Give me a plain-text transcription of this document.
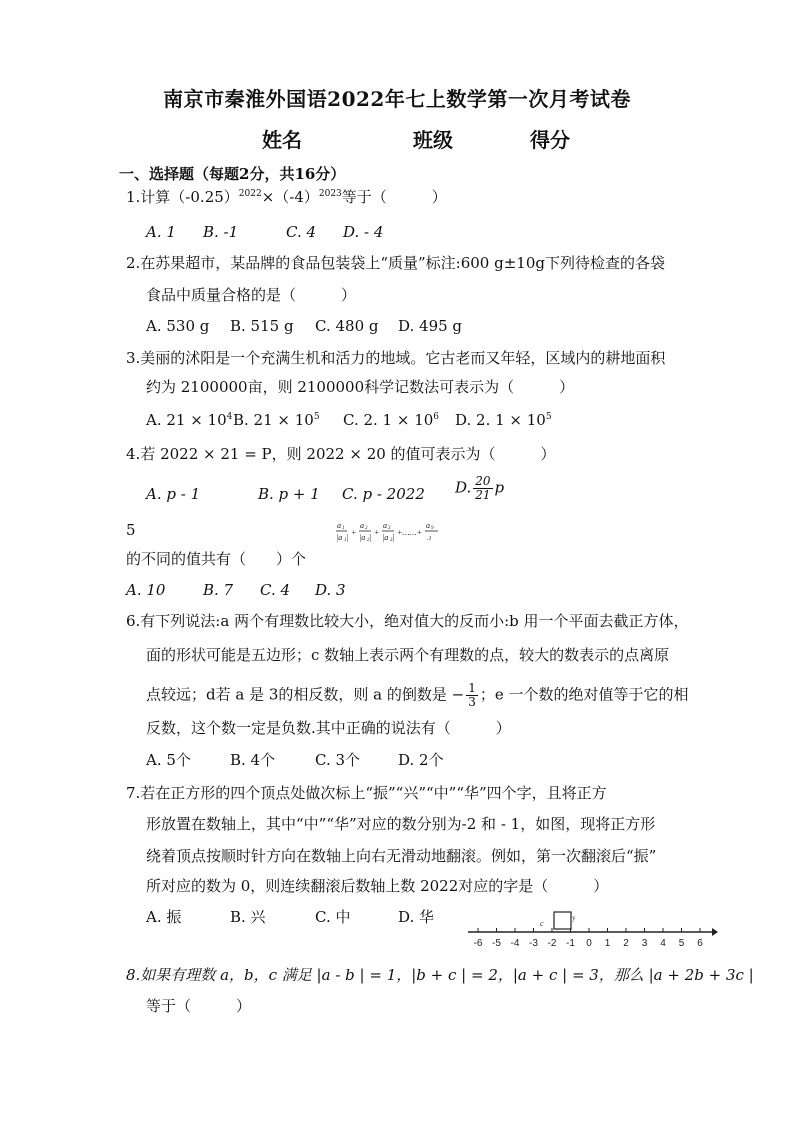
南京市秦淮外国语2022年七上数学第一次月考试卷
姓名	班级	得分
一、选择题（每题2分，共16分）
1.计算$(-0.25)^{2022}\times(-4)^{2023}$等于（　　　）
A. 1 B. -1	C. 4 D. - 4
2.在苏果超市，某品牌的食品包装袋上“质量”标注:600 g±10g下列待检查的各袋
食品中质量合格的是（　　　）
A. 530 g B. 515 g C. 480 g D. 495 g
3.美丽的沭阳是一个充满生机和活力的地域。它古老而又年轻，区域内的耕地面积
约为 2100000亩，则 2100000科学记数法可表示为（　　　）
A. $21 \times 10^4$ B. $21 \times 10^5$ C. 2. $1 \times 10^6$ D. 2. $1 \times 10^5$
4.若 2022 × 21 = P，则 2022 × 20 的值可表示为（　　　）
A. p - 1	B. p + 1 C. p - 2022 D. $\frac{20}{21}$ p
5	a 1
|a 1 |
+
a 2
|a 2 |
+
a 3
|a 3 |
+……+
a 9
.1
的不同的值共有（　　）个
A. 10	B. 7 C. 4 D. 3
6.有下列说法:a 两个有理数比较大小，绝对值大的反而小:b 用一个平面去截正方体，
面的形状可能是五边形；c 数轴上表示两个有理数的点，较大的数表示的点离原
点较远；d若 a 是 3的相反数，则 a 的倒数是 − $\frac{1}{3}$ ；e 一个数的绝对值等于它的相
反数，这个数一定是负数.其中正确的说法有（　　　）
A. 5个	B. 4个	C. 3个	D. 2个
7.若在正方形的四个顶点处做次标上“振”“兴”“中”“华”四个字，且将正方
形放置在数轴上，其中“中”“华”对应的数分别为-2 和 - 1，如图，现将正方形
绕着顶点按顺时针方向在数轴上向右无滑动地翻滚。例如，第一次翻滚后“振”
所对应的数为 0，则连续翻滚后数轴上数 2022对应的字是（　　　）
A. 振	B. 兴	C. 中	D. 华	c
y
-6 -5 -4 -3 -2 -1 0 1 2 3 4 5 6
8.如果有理数 a，b，c 满足 |a - b | = 1，|b + c | = 2，|a + c | = 3，那么 |a + 2b + 3c |
等于（　　　）
